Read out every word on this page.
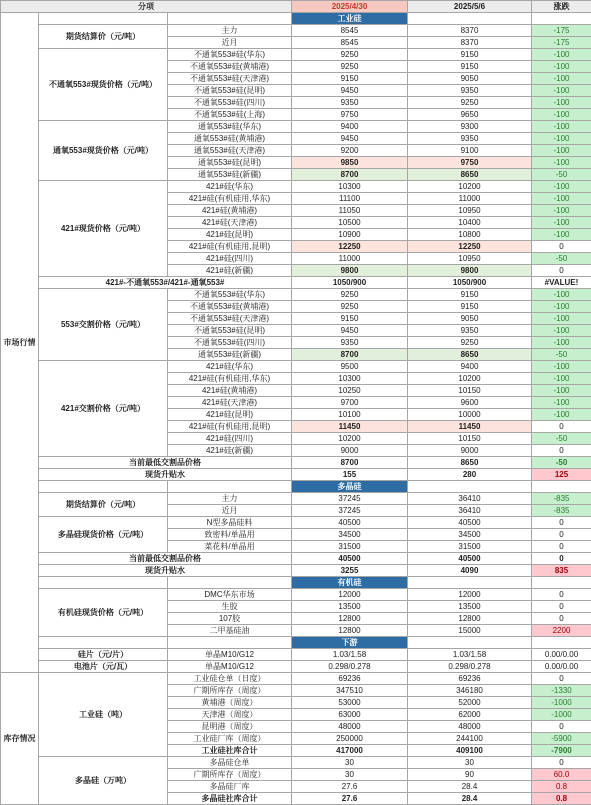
分项			2025/4/30	2025/5/6	涨跌
市场行情			工业硅		
	期货结算价（元/吨）	主力	8545	8370	-175
		近月	8545	8370	-175
	不通氧553#现货价格（元/吨）	不通氧553#硅(华东)	9250	9150	-100
		不通氧553#硅(黄埔港)	9250	9150	-100
		不通氧553#硅(天津港)	9150	9050	-100
		不通氧553#硅(昆明)	9450	9350	-100
		不通氧553#硅(四川)	9350	9250	-100
		不通氧553#硅(上海)	9750	9650	-100
	通氧553#现货价格（元/吨）	通氧553#硅(华东)	9400	9300	-100
		通氧553#硅(黄埔港)	9450	9350	-100
		通氧553#硅(天津港)	9200	9100	-100
		通氧553#硅(昆明)	9850	9750	-100
		通氧553#硅(新疆)	8700	8650	-50
	421#现货价格（元/吨）	421#硅(华东)	10300	10200	-100
		421#硅(有机硅用,华东)	11100	11000	-100
		421#硅(黄埔港)	11050	10950	-100
		421#硅(天津港)	10500	10400	-100
		421#硅(昆明)	10900	10800	-100
		421#硅(有机硅用,昆明)	12250	12250	0
		421#硅(四川)	11000	10950	-50
		421#硅(新疆)	9800	9800	0
	421#-不通氧553#/421#-通氧553#		1050/900	1050/900	#VALUE!
	553#交割价格（元/吨）	不通氧553#硅(华东)	9250	9150	-100
		不通氧553#硅(黄埔港)	9250	9150	-100
		不通氧553#硅(天津港)	9150	9050	-100
		不通氧553#硅(昆明)	9450	9350	-100
		不通氧553#硅(四川)	9350	9250	-100
		通氧553#硅(新疆)	8700	8650	-50
	421#交割价格（元/吨）	421#硅(华东)	9500	9400	-100
		421#硅(有机硅用,华东)	10300	10200	-100
		421#硅(黄埔港)	10250	10150	-100
		421#硅(天津港)	9700	9600	-100
		421#硅(昆明)	10100	10000	-100
		421#硅(有机硅用,昆明)	11450	11450	0
		421#硅(四川)	10200	10150	-50
		421#硅(新疆)	9000	9000	0
	当前最低交割品价格		8700	8650	-50
	现货升贴水		155	280	125
			多晶硅		
	期货结算价（元/吨）	主力	37245	36410	-835
		近月	37245	36410	-835
	多晶硅现货价格（元/吨）	N型多晶硅料	40500	40500	0
		致密料/单晶用	34500	34500	0
		菜花料/单晶用	31500	31500	0
	当前最低交割品价格		40500	40500	0
	现货升贴水		3255	4090	835
			有机硅		
	有机硅现货价格（元/吨）	DMC华东市场	12000	12000	0
		生胶	13500	13500	0
		107胶	12800	12800	0
		二甲基硅油	12800	15000	2200
			下游		
	硅片（元/片）	单晶M10/G12	1.03/1.58	1.03/1.58	0.00/0.00
	电池片（元/瓦）	单晶M10/G12	0.298/0.278	0.298/0.278	0.00/0.00
库存情况	工业硅（吨）	工业硅仓单（日度）	69236	69236	0
		广期所库存（周度）	347510	346180	-1330
		黄埔港（周度）	53000	52000	-1000
		天津港（周度）	63000	62000	-1000
		昆明港（周度）	48000	48000	0
		工业硅厂库（周度）	250000	244100	-5900
		工业硅社库合计	417000	409100	-7900
	多晶硅（万吨）	多晶硅仓单	30	30	0
		广期所库存（周度）	30	90	60.0
		多晶硅厂库	27.6	28.4	0.8
		多晶硅社库合计	27.6	28.4	0.8
